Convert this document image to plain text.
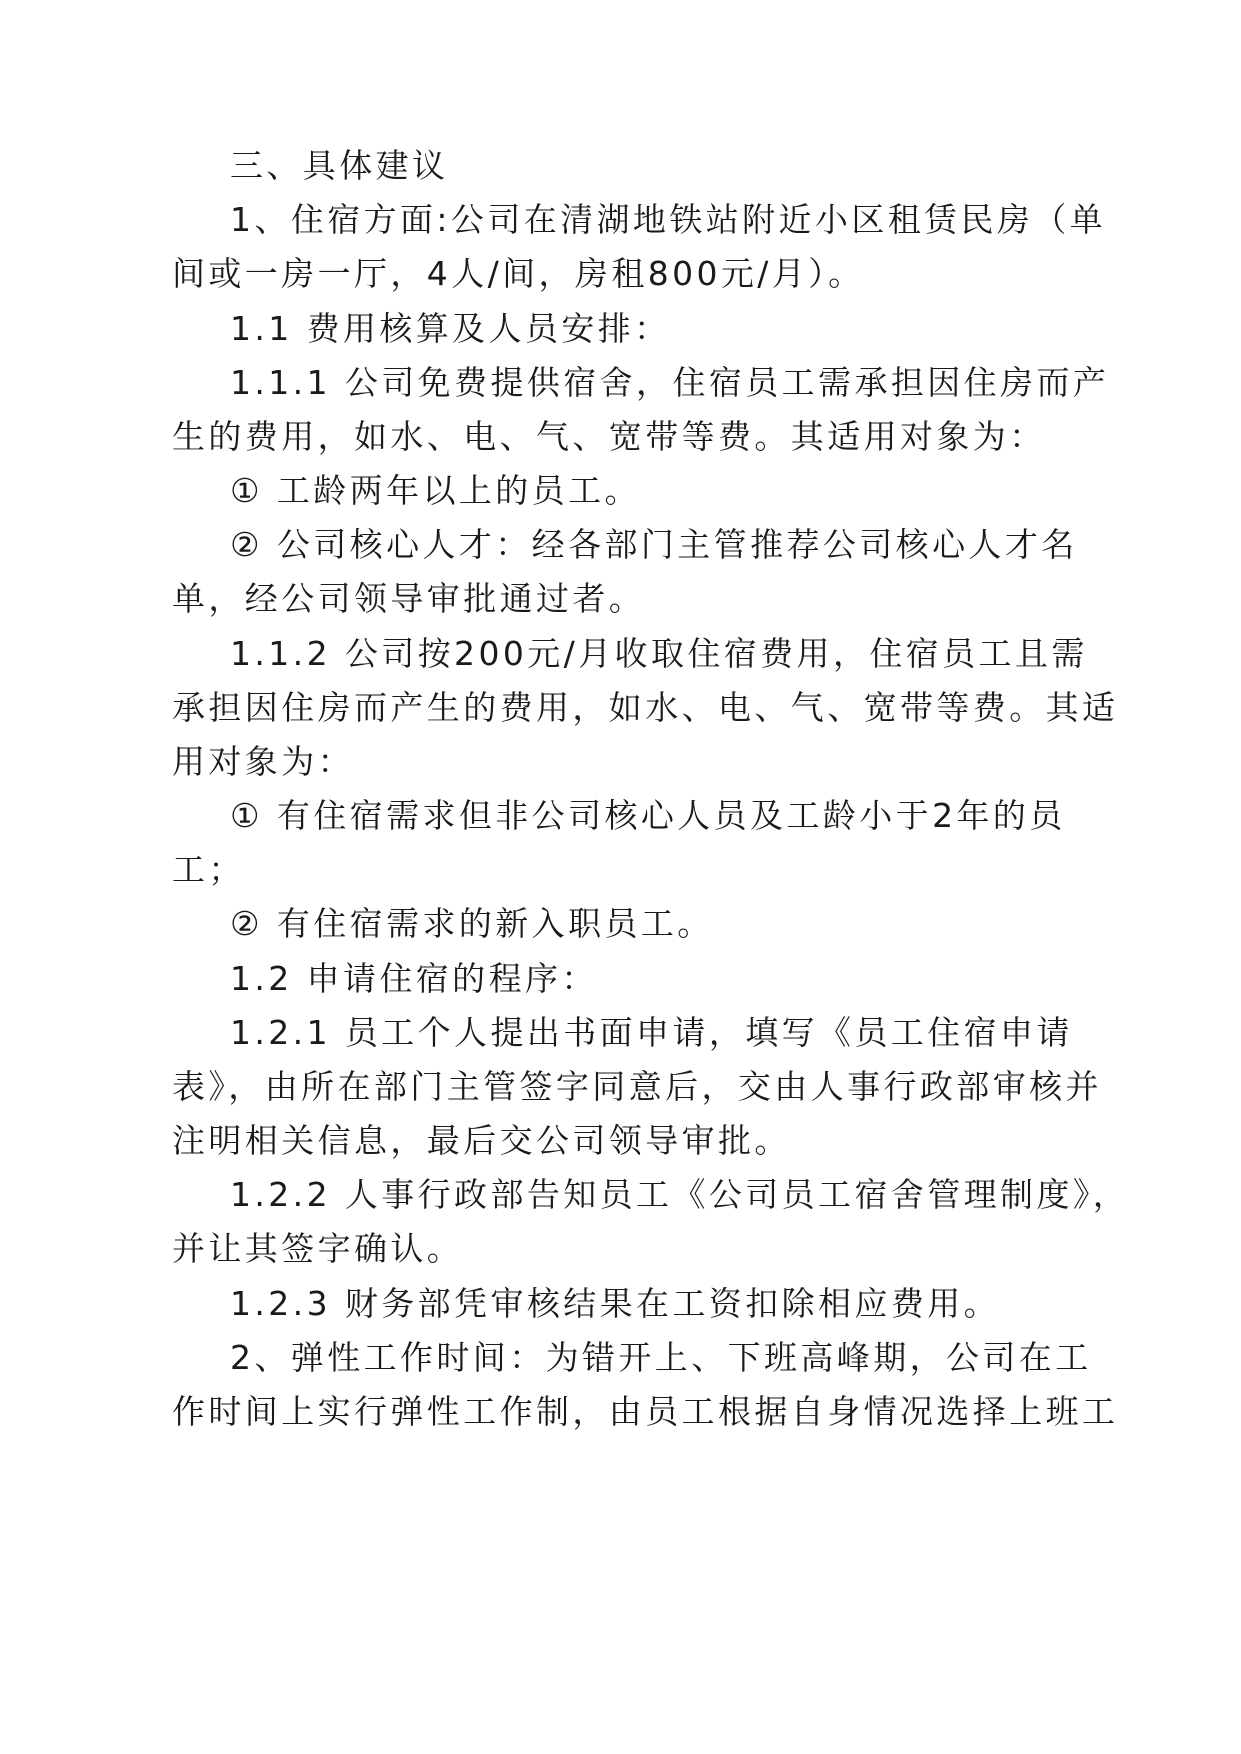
三、具体建议
1、住宿方面:公司在清湖地铁站附近小区租赁民房（单
间或一房一厅，4人/间，房租800元/月）。
1.1 费用核算及人员安排：
1.1.1 公司免费提供宿舍，住宿员工需承担因住房而产
生的费用，如水、电、气、宽带等费。其适用对象为：
① 工龄两年以上的员工。
② 公司核心人才：经各部门主管推荐公司核心人才名
单，经公司领导审批通过者。
1.1.2 公司按200元/月收取住宿费用，住宿员工且需
承担因住房而产生的费用，如水、电、气、宽带等费。其适
用对象为：
① 有住宿需求但非公司核心人员及工龄小于2年的员
工；
② 有住宿需求的新入职员工。
1.2 申请住宿的程序：
1.2.1 员工个人提出书面申请，填写《员工住宿申请
表》，由所在部门主管签字同意后，交由人事行政部审核并
注明相关信息，最后交公司领导审批。
1.2.2 人事行政部告知员工《公司员工宿舍管理制度》，
并让其签字确认。
1.2.3 财务部凭审核结果在工资扣除相应费用。
2、弹性工作时间：为错开上、下班高峰期，公司在工
作时间上实行弹性工作制，由员工根据自身情况选择上班工
